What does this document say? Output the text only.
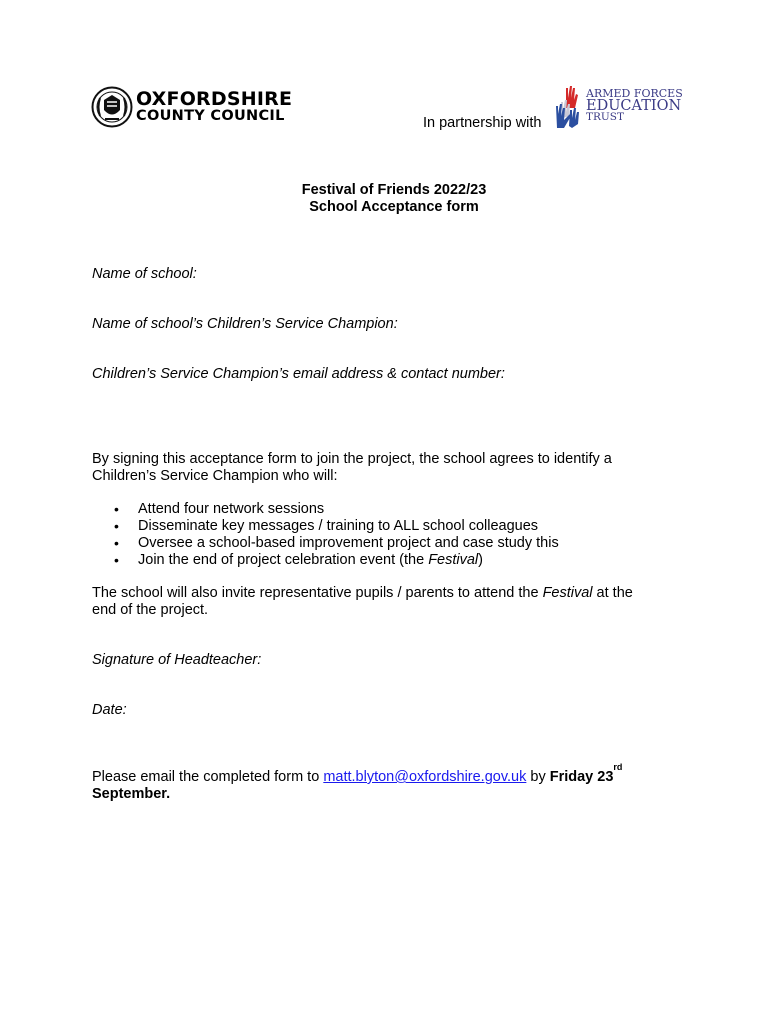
OXFORDSHIRE
COUNTY COUNCIL	In partnership with
ARMED FORCES
EDUCATION
TRUST
Festival of Friends 2022/23
School Acceptance form
Name of school:
Name of school’s Children’s Service Champion:
Children’s Service Champion’s email address & contact number:
By signing this acceptance form to join the project, the school agrees to identify a
Children’s Service Champion who will:
• Attend four network sessions
• Disseminate key messages / training to ALL school colleagues
• Oversee a school-based improvement project and case study this
• Join the end of project celebration event (the Festival)
The school will also invite representative pupils / parents to attend the Festival at the
end of the project.
Signature of Headteacher:
Date:
Please email the completed form to matt.blyton@oxfordshire.gov.uk by Friday 23rd
September.
